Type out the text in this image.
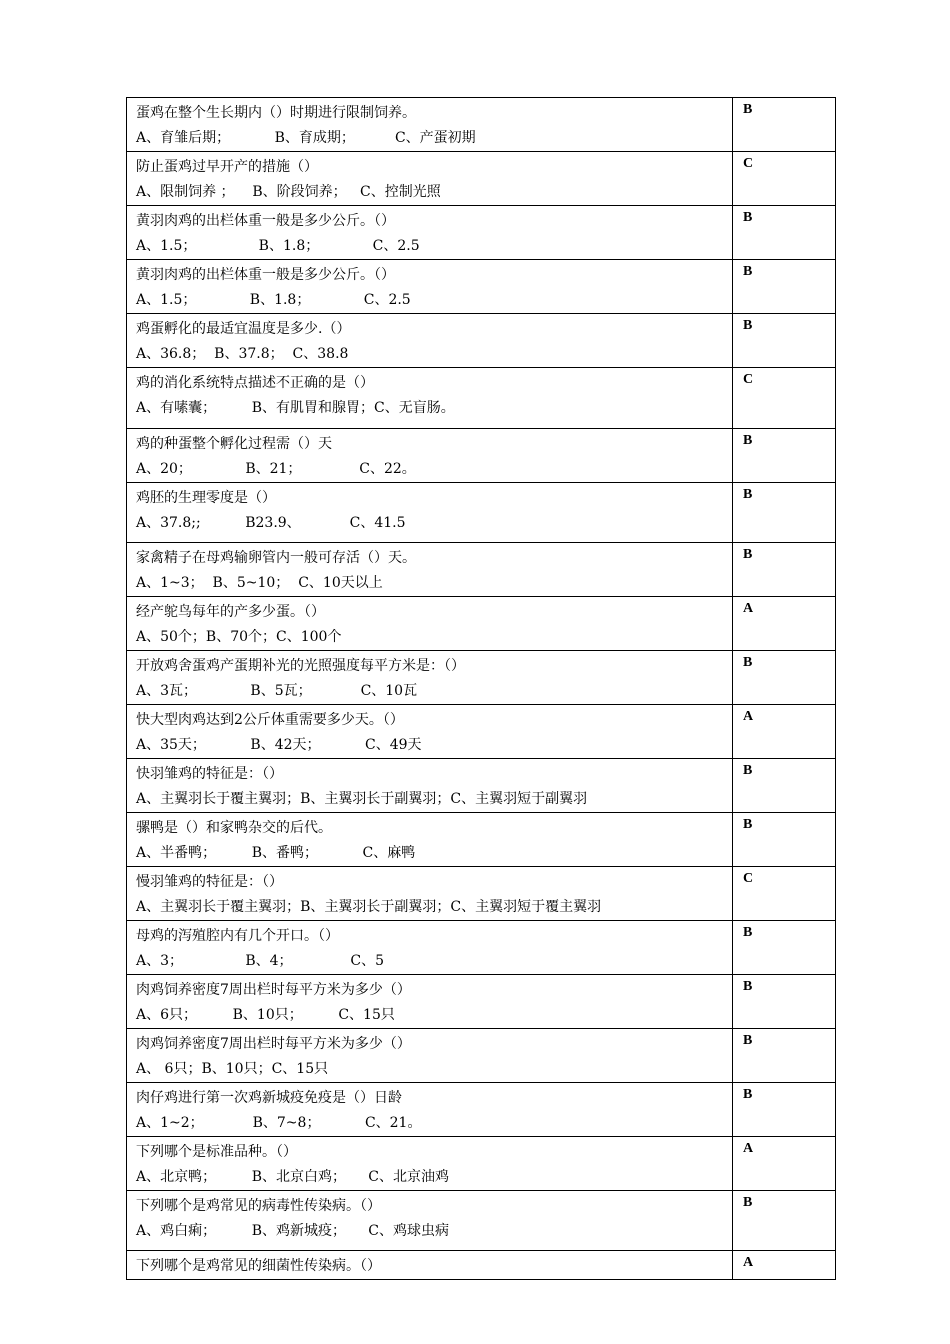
蛋鸡在整个生长期内（）时期进行限制饲养。
A、育雏后期；          B、育成期；         C、产蛋初期	B

防止蛋鸡过早开产的措施（）
A、限制饲养 ；    B、阶段饲养；   C、控制光照	C

黄羽肉鸡的出栏体重一般是多少公斤。（）
A、1.5；              B、1.8；            C、2.5	B

黄羽肉鸡的出栏体重一般是多少公斤。（）
A、1.5；            B、1.8；            C、2.5	B

鸡蛋孵化的最适宜温度是多少.（）
A、36.8；  B、37.8；  C、38.8	B

鸡的消化系统特点描述不正确的是（）
A、有嗉囊；        B、有肌胃和腺胃；C、无盲肠。	C

鸡的种蛋整个孵化过程需（）天
A、20；            B、21；             C、22。	B

鸡胚的生理零度是（）
A、37.8;;          B23.9、           C、41.5	B

家禽精子在母鸡输卵管内一般可存活（）天。
A、1~3；  B、5~10；  C、10天以上	B

经产鸵鸟每年的产多少蛋。（）
A、50个；B、70个；C、100个	A

开放鸡舍蛋鸡产蛋期补光的光照强度每平方米是：（）
A、3瓦；            B、5瓦；           C、10瓦	B

快大型肉鸡达到2公斤体重需要多少天。（）
A、35天；          B、42天；          C、49天	A

快羽雏鸡的特征是：（）
A、主翼羽长于覆主翼羽；B、主翼羽长于副翼羽；C、主翼羽短于副翼羽	B

骡鸭是（）和家鸭杂交的后代。
A、半番鸭；        B、番鸭；          C、麻鸭	B

慢羽雏鸡的特征是：（）
A、主翼羽长于覆主翼羽；B、主翼羽长于副翼羽；C、主翼羽短于覆主翼羽	C

母鸡的泻殖腔内有几个开口。（）
A、3；              B、4；             C、5	B

肉鸡饲养密度7周出栏时每平方米为多少（）
A、6只；        B、10只；        C、15只	B

肉鸡饲养密度7周出栏时每平方米为多少（）
A、 6只；B、10只；C、15只	B

肉仔鸡进行第一次鸡新城疫免疫是（）日龄
A、1~2；           B、7~8；          C、21。	B

下列哪个是标准品种。（）
A、北京鸭；        B、北京白鸡；     C、北京油鸡	A

下列哪个是鸡常见的病毒性传染病。（）
A、鸡白痢；        B、鸡新城疫；     C、鸡球虫病	B

下列哪个是鸡常见的细菌性传染病。（）	A
